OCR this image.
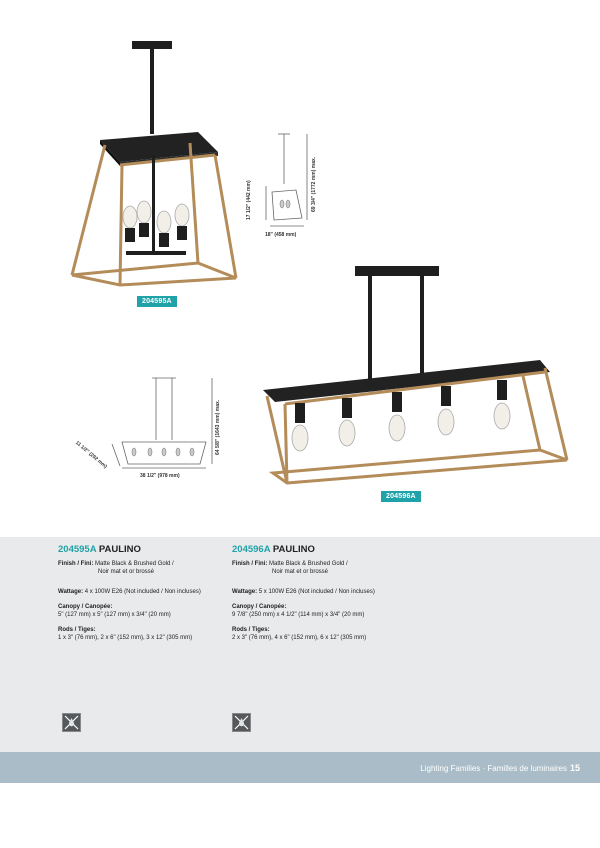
204595A
17 1/2" (442 mm)	69 3/4" (1772 mm) max.
18" (458 mm)
204596A
11 1/2" (292 mm)	64 5/8" (1643 mm) max.
38 1/2" (978 mm)
204595A PAULINO
Finish / Fini: Matte Black & Brushed Gold /
Noir mat et or brossé
Wattage: 4 x 100W E26 (Not included / Non incluses)
Canopy / Canopée:
5" (127 mm) x 5" (127 mm) x 3/4" (20 mm)
Rods / Tiges:
1 x 3" (76 mm), 2 x 6" (152 mm), 3 x 12" (305 mm)
204596A PAULINO
Finish / Fini: Matte Black & Brushed Gold /
Noir mat et or brossé
Wattage: 5 x 100W E26 (Not included / Non incluses)
Canopy / Canopée:
9 7/8" (250 mm) x 4 1/2" (114 mm) x 3/4" (20 mm)
Rods / Tiges:
2 x 3" (76 mm), 4 x 6" (152 mm), 6 x 12" (305 mm)
Lighting Families · Familles de luminaires 15
